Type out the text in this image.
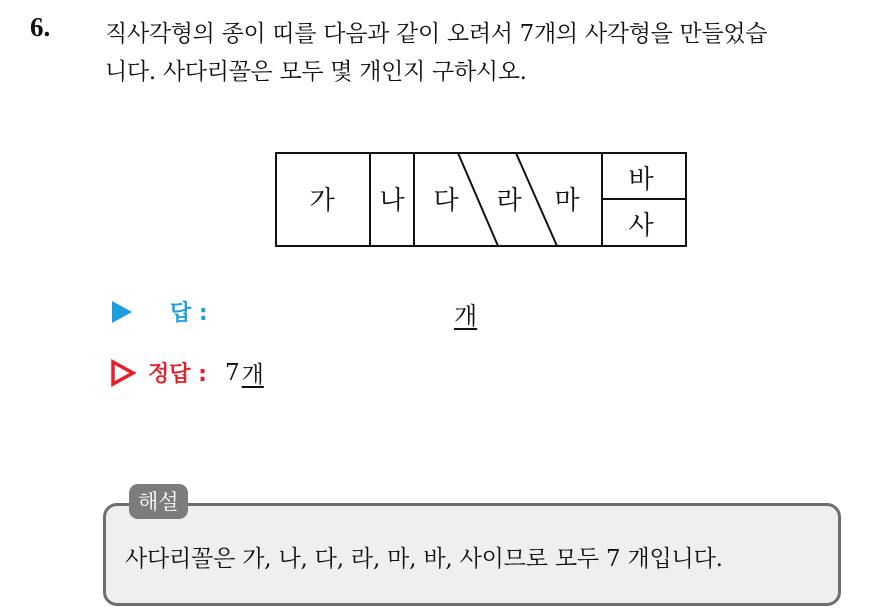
6. 직사각형의 종이 띠를 다음과 같이 오려서 7개의 사각형을 만들었습
니다. 사다리꼴은 모두 몇 개인지 구하시오.
가 나 다 라 마
바
사
답 :	개
정답 : 7 개
해설
사다리꼴은 가, 나, 다, 라, 마, 바, 사이므로 모두 7 개입니다.
